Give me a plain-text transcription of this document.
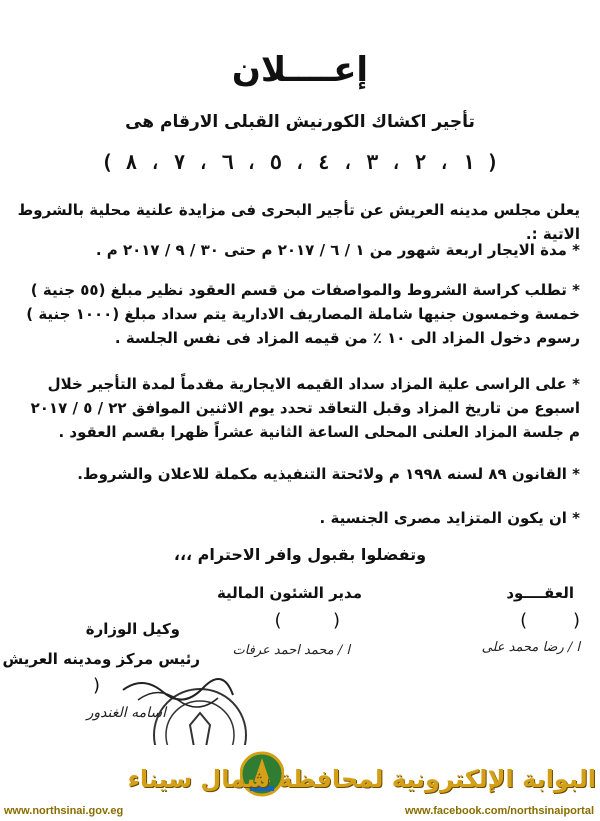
إعــــلان
تأجير اكشاك الكورنيش القبلى الارقام هى
( ١ ، ٢ ، ٣ ، ٤ ، ٥ ، ٦ ، ٧ ، ٨ )
يعلن مجلس مدينه العريش عن تأجير البحرى فى مزايدة علنية محلية بالشروط الاتية :.
* مدة الايجار اربعة شهور من ١ / ٦ / ٢٠١٧ م حتى ٣٠ / ٩ / ٢٠١٧ م .
* تطلب كراسة الشروط والمواصفات من قسم العقود نظير مبلغ (٥٥ جنية ) خمسة وخمسون جنيها شاملة المصاريف الادارية يتم سداد مبلغ (١٠٠٠ جنية ) رسوم دخول المزاد الى ١٠ ٪ من قيمه المزاد فى نفس الجلسة .
* على الراسى علية المزاد سداد القيمه الايجارية مقدماً لمدة التأجير خلال اسبوع من تاريخ المزاد وقبل التعاقد تحدد يوم الاثنين الموافق ٢٢ / ٥ / ٢٠١٧ م جلسة المزاد العلنى المحلى الساعة الثانية عشراً ظهرا بقسم العقود .
* القانون ٨٩ لسنه ١٩٩٨ م ولائحتة التنفيذيه مكملة للاعلان والشروط.
* ان يكون المتزايد مصرى الجنسية .
وتفضلوا بقبول وافر الاحترام ،،،
العقــــود
(        )
ا / رضا محمد على
مدير الشئون المالية
(         )
ا / محمد احمد عرفات
وكيل الوزارة
رئيس مركز ومدينه العريش
(
اسامه الغندور
البوابة الإلكترونية لمحافظة شمال سيناء
www.northsinai.gov.eg	www.facebook.com/northsinaiportal
